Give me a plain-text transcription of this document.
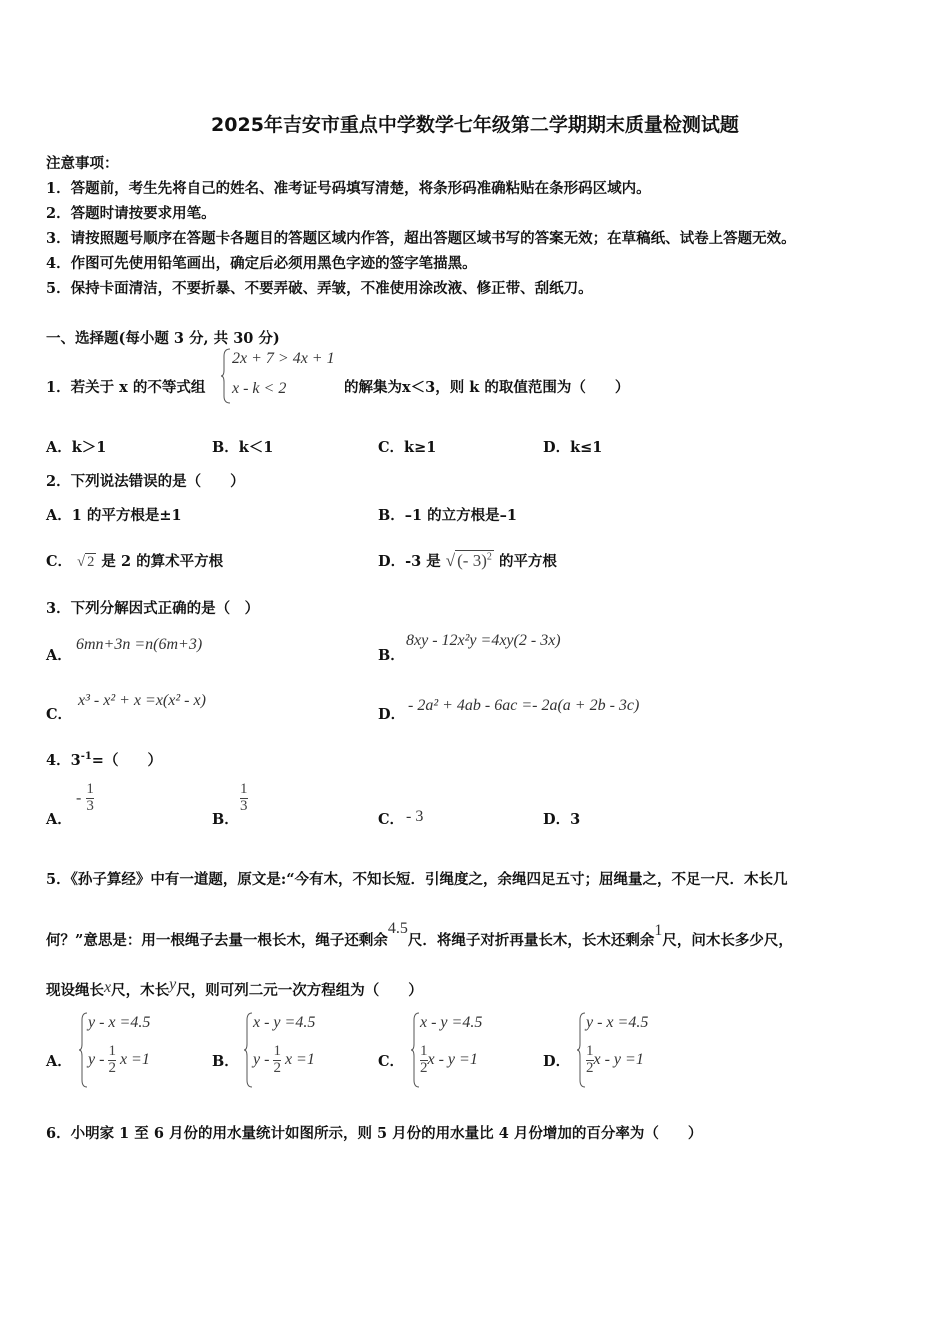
2025年吉安市重点中学数学七年级第二学期期末质量检测试题
注意事项：
1．答题前，考生先将自己的姓名、准考证号码填写清楚，将条形码准确粘贴在条形码区域内。
2．答题时请按要求用笔。
3．请按照题号顺序在答题卡各题目的答题区域内作答，超出答题区域书写的答案无效；在草稿纸、试卷上答题无效。
4．作图可先使用铅笔画出，确定后必须用黑色字迹的签字笔描黑。
5．保持卡面清洁，不要折暴、不要弄破、弄皱，不准使用涂改液、修正带、刮纸刀。
一、选择题(每小题 3 分, 共 30 分)
1．若关于 x 的不等式组
2x + 7 > 4x + 1
x - k < 2	的解集为x＜3，则 k 的取值范围为（　　）
A．k＞1	B．k＜1	C．k≥1	D．k≤1
2．下列说法错误的是（　　）
A．1 的平方根是±1	B．–1 的立方根是–1
C． √ 2 是 2 的算术平方根	D．-3 是 √ (- 3)$^2$ 的平方根
3．下列分解因式正确的是（　）
A．
6mn+3n =n(6m+3)
B．
8xy - 12x²y =4xy(2 - 3x)
C．
x³ - x² + x =x(x² - x)
D．
- 2a² + 4ab - 6ac =- 2a(a + 2b - 3c)
4．$3^{-1}=$（　　）
A．
- $\frac{1}{3}$
B．
$\frac{1}{3}$
C． - 3	D．3
5．《孙子算经》中有一道题，原文是:“今有木，不知长短．引绳度之，余绳四足五寸；屈绳量之，不足一尺．木长几
何？”意思是：用一根绳子去量一根长木，绳子还剩余4.5尺．将绳子对折再量长木，长木还剩余1尺，问木长多少尺，
现设绳长x尺，木长y尺，则可列二元一次方程组为（　　）
A．
y - x =4.5
y - $\frac{1}{2}$ x =1	B．
x - y =4.5
y - $\frac{1}{2}$ x =1	C．
x - y =4.5
$\frac{1}{2}$ x - y =1	D．
y - x =4.5
$\frac{1}{2}$ x - y =1
6．小明家 1 至 6 月份的用水量统计如图所示，则 5 月份的用水量比 4 月份增加的百分率为（　　）
